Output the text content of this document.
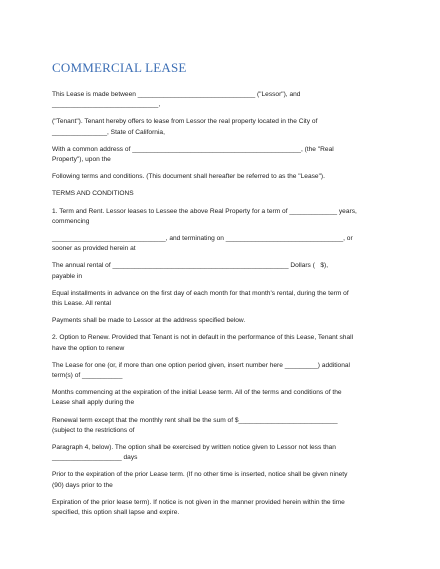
COMMERCIAL LEASE

This Lease is made between ________________________________ ("Lessor"), and
_____________________________,

("Tenant"). Tenant hereby offers to lease from Lessor the real property located in the City of
_______________, State of California,

With a common address of ______________________________________________, (the "Real
Property"), upon the

Following terms and conditions. (This document shall hereafter be referred to as the "Lease").

TERMS AND CONDITIONS

1. Term and Rent. Lessor leases to Lessee the above Real Property for a term of _____________ years,
commencing

_______________________________, and terminating on ________________________________, or
sooner as provided herein at

The annual rental of ________________________________________________ Dollars (   $),
payable in

Equal installments in advance on the first day of each month for that month's rental, during the term of
this Lease. All rental

Payments shall be made to Lessor at the address specified below.

2. Option to Renew. Provided that Tenant is not in default in the performance of this Lease, Tenant shall
have the option to renew

The Lease for one (or, if more than one option period given, insert number here _________) additional
term(s) of ___________

Months commencing at the expiration of the initial Lease term. All of the terms and conditions of the
Lease shall apply during the

Renewal term except that the monthly rent shall be the sum of $___________________________
(subject to the restrictions of

Paragraph 4, below). The option shall be exercised by written notice given to Lessor not less than
___________________ days

Prior to the expiration of the prior Lease term. (If no other time is inserted, notice shall be given ninety
(90) days prior to the

Expiration of the prior lease term). If notice is not given in the manner provided herein within the time
specified, this option shall lapse and expire.
